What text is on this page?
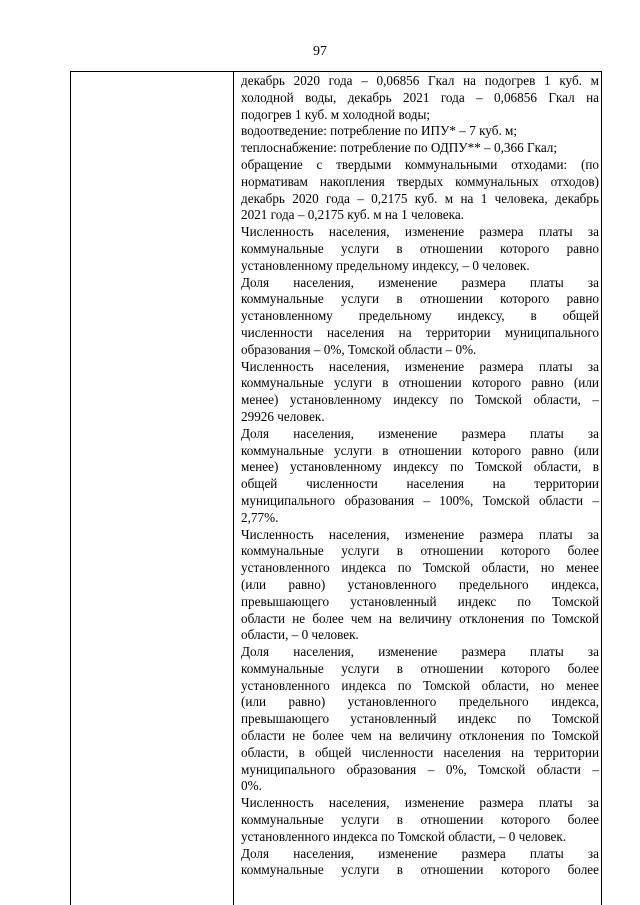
97
декабрь 2020 года – 0,06856 Гкал на подогрев 1 куб. м
холодной воды, декабрь 2021 года – 0,06856 Гкал на
подогрев 1 куб. м холодной воды;
водоотведение: потребление по ИПУ* – 7 куб. м;
теплоснабжение: потребление по ОДПУ** – 0,366 Гкал;
обращение с твердыми коммунальными отходами: (по
нормативам накопления твердых коммунальных отходов)
декабрь 2020 года – 0,2175 куб. м на 1 человека, декабрь
2021 года – 0,2175 куб. м на 1 человека.
Численность населения, изменение размера платы за
коммунальные услуги в отношении которого равно
установленному предельному индексу, – 0 человек.
Доля населения, изменение размера платы за
коммунальные услуги в отношении которого равно
установленному предельному индексу, в общей
численности населения на территории муниципального
образования – 0%, Томской области – 0%.
Численность населения, изменение размера платы за
коммунальные услуги в отношении которого равно (или
менее) установленному индексу по Томской области, –
29926 человек.
Доля населения, изменение размера платы за
коммунальные услуги в отношении которого равно (или
менее) установленному индексу по Томской области, в
общей численности населения на территории
муниципального образования – 100%, Томской области –
2,77%.
Численность населения, изменение размера платы за
коммунальные услуги в отношении которого более
установленного индекса по Томской области, но менее
(или равно) установленного предельного индекса,
превышающего установленный индекс по Томской
области не более чем на величину отклонения по Томской
области, – 0 человек.
Доля населения, изменение размера платы за
коммунальные услуги в отношении которого более
установленного индекса по Томской области, но менее
(или равно) установленного предельного индекса,
превышающего установленный индекс по Томской
области не более чем на величину отклонения по Томской
области, в общей численности населения на территории
муниципального образования – 0%, Томской области –
0%.
Численность населения, изменение размера платы за
коммунальные услуги в отношении которого более
установленного индекса по Томской области, – 0 человек.
Доля населения, изменение размера платы за
коммунальные услуги в отношении которого более
